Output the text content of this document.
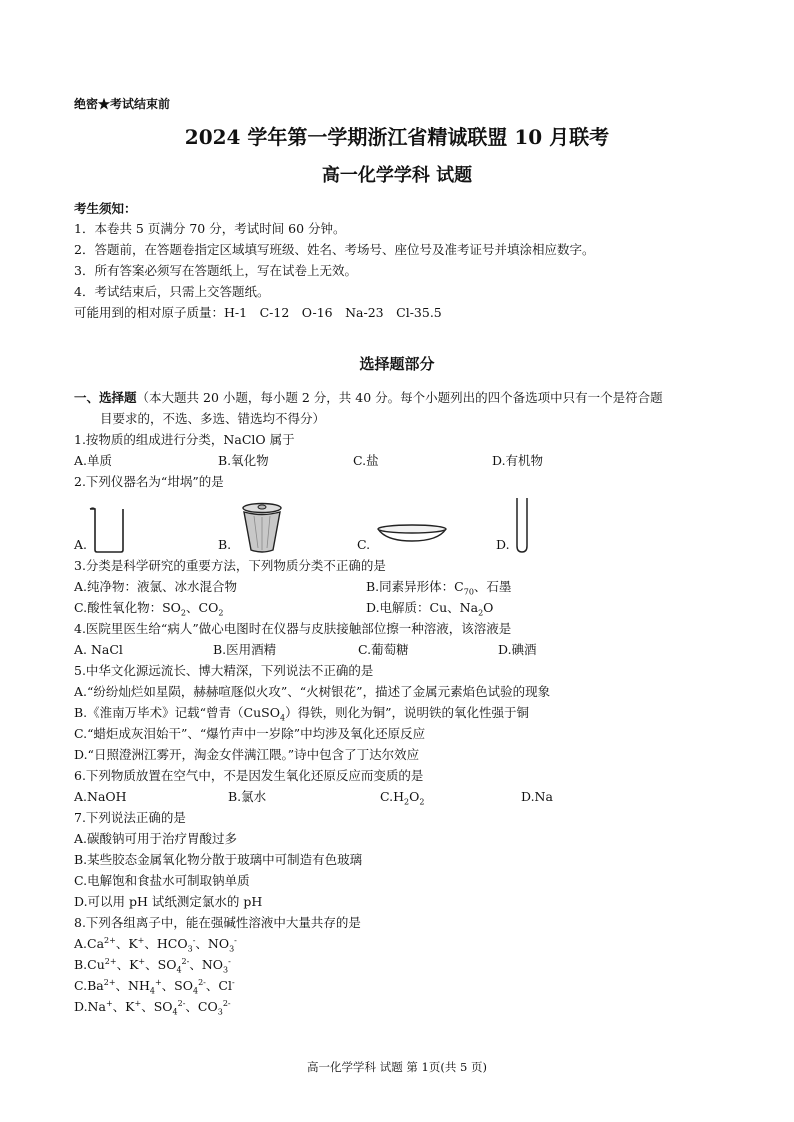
绝密★考试结束前
2024 学年第一学期浙江省精诚联盟 10 月联考
高一化学学科 试题
考生须知：
1．本卷共 5 页满分 70 分，考试时间 60 分钟。
2．答题前，在答题卷指定区域填写班级、姓名、考场号、座位号及准考证号并填涂相应数字。
3．所有答案必须写在答题纸上，写在试卷上无效。
4．考试结束后，只需上交答题纸。
可能用到的相对原子质量：H-1　C-12　O-16　Na-23　Cl-35.5
选择题部分
一、选择题（本大题共 20 小题，每小题 2 分，共 40 分。每个小题列出的四个备选项中只有一个是符合题
目要求的，不选、多选、错选均不得分）
1.按物质的组成进行分类，NaClO 属于
A.单质	B.氧化物	C.盐	D.有机物
2.下列仪器名为“坩埚”的是
A.	B.	C.	D.
3.分类是科学研究的重要方法，下列物质分类不正确的是
A.纯净物：液氯、冰水混合物	B.同素异形体：$C_{70}$、石墨
C.酸性氧化物：$SO_2$、$CO_2$	D.电解质：Cu、$Na_2O$
4.医院里医生给“病人”做心电图时在仪器与皮肤接触部位擦一种溶液，该溶液是
A. NaCl	B.医用酒精	C.葡萄糖	D.碘酒
5.中华文化源远流长、博大精深，下列说法不正确的是
A.“纷纷灿烂如星陨，赫赫喧豗似火攻”、“火树银花”，描述了金属元素焰色试验的现象
B.《淮南万毕术》记载“曾青（CuSO$_4$）得铁，则化为铜”，说明铁的氧化性强于铜
C.“蜡炬成灰泪始干”、“爆竹声中一岁除”中均涉及氧化还原反应
D.“日照澄洲江雾开，淘金女伴满江隈。”诗中包含了丁达尔效应
6.下列物质放置在空气中，不是因发生氧化还原反应而变质的是
A.NaOH	B.氯水	$C.H_2O_2$	D.Na
7.下列说法正确的是
A.碳酸钠可用于治疗胃酸过多
B.某些胶态金属氧化物分散于玻璃中可制造有色玻璃
C.电解饱和食盐水可制取钠单质
D.可以用 pH 试纸测定氯水的 pH
8.下列各组离子中，能在强碱性溶液中大量共存的是
$A.Ca^{2+}$、K+、$HCO_3^-$、$NO_3^-$
$B.Cu^{2+}$、K+、$SO_4^{2-}$、$NO_3^-$
$C.Ba^{2+}$、$NH_4^+$、$SO_4^{2-}$、Cl-
D.Na+、K+、$SO_4^{2-}$、$CO_3^{2-}$
高一化学学科 试题 第 1页(共 5 页)
